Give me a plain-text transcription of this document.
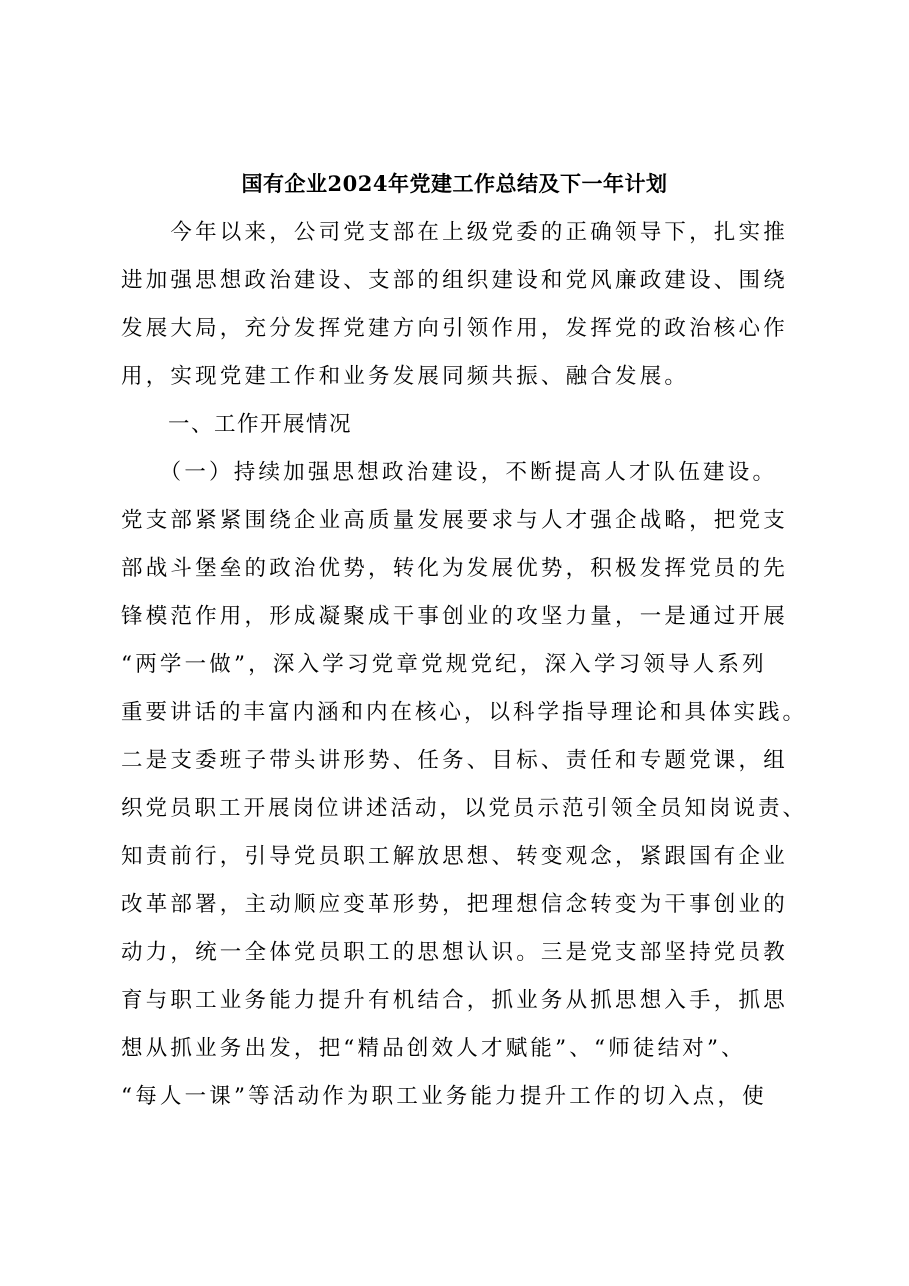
国有企业2024年党建工作总结及下一年计划
　　今年以来，公司党支部在上级党委的正确领导下，扎实推
进加强思想政治建设、支部的组织建设和党风廉政建设、围绕
发展大局，充分发挥党建方向引领作用，发挥党的政治核心作
用，实现党建工作和业务发展同频共振、融合发展。
一、工作开展情况
　　（一）持续加强思想政治建设，不断提高人才队伍建设。
党支部紧紧围绕企业高质量发展要求与人才强企战略，把党支
部战斗堡垒的政治优势，转化为发展优势，积极发挥党员的先
锋模范作用，形成凝聚成干事创业的攻坚力量，一是通过开展
“两学一做”，深入学习党章党规党纪，深入学习领导人系列
重要讲话的丰富内涵和内在核心，以科学指导理论和具体实践。
二是支委班子带头讲形势、任务、目标、责任和专题党课，组
织党员职工开展岗位讲述活动，以党员示范引领全员知岗说责、
知责前行，引导党员职工解放思想、转变观念，紧跟国有企业
改革部署，主动顺应变革形势，把理想信念转变为干事创业的
动力，统一全体党员职工的思想认识。三是党支部坚持党员教
育与职工业务能力提升有机结合，抓业务从抓思想入手，抓思
想从抓业务出发，把“精品创效人才赋能”、“师徒结对”、
“每人一课”等活动作为职工业务能力提升工作的切入点，使
